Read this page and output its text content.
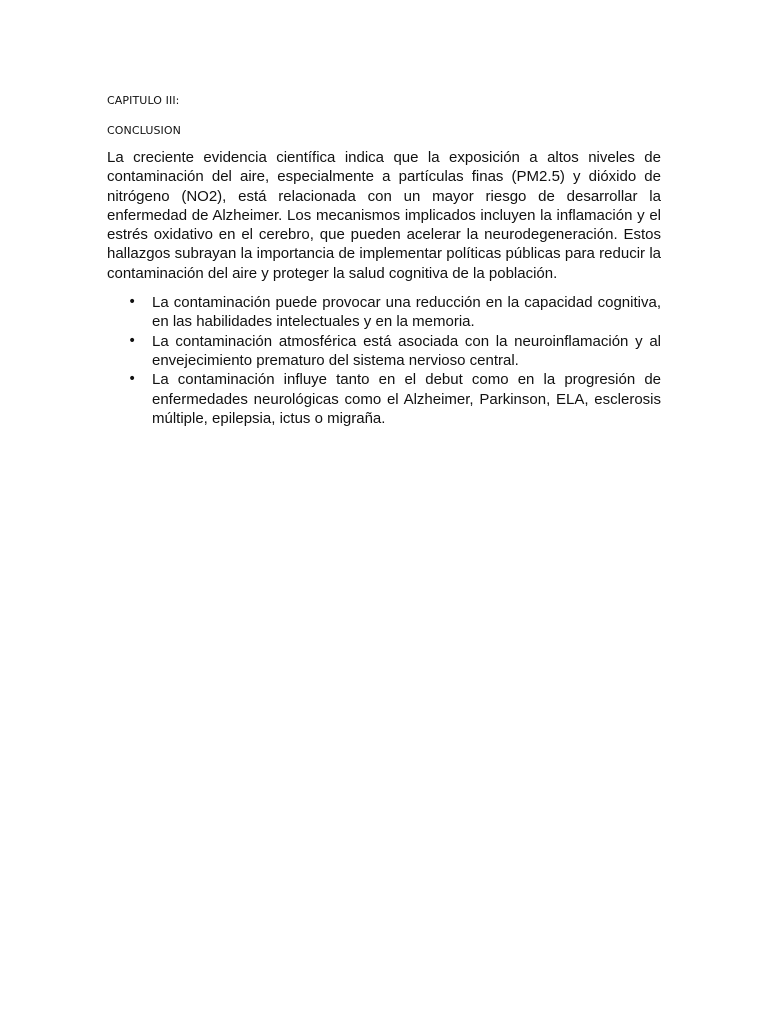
CAPITULO III:

CONCLUSION

La creciente evidencia científica indica que la exposición a altos niveles de contaminación del aire, especialmente a partículas finas (PM2.5) y dióxido de nitrógeno (NO2), está relacionada con un mayor riesgo de desarrollar la enfermedad de Alzheimer. Los mecanismos implicados incluyen la inflamación y el estrés oxidativo en el cerebro, que pueden acelerar la neurodegeneración. Estos hallazgos subrayan la importancia de implementar políticas públicas para reducir la contaminación del aire y proteger la salud cognitiva de la población.

• La contaminación puede provocar una reducción en la capacidad cognitiva, en las habilidades intelectuales y en la memoria.
• La contaminación atmosférica está asociada con la neuroinflamación y al envejecimiento prematuro del sistema nervioso central.
• La contaminación influye tanto en el debut como en la progresión de enfermedades neurológicas como el Alzheimer, Parkinson, ELA, esclerosis múltiple, epilepsia, ictus o migraña.
